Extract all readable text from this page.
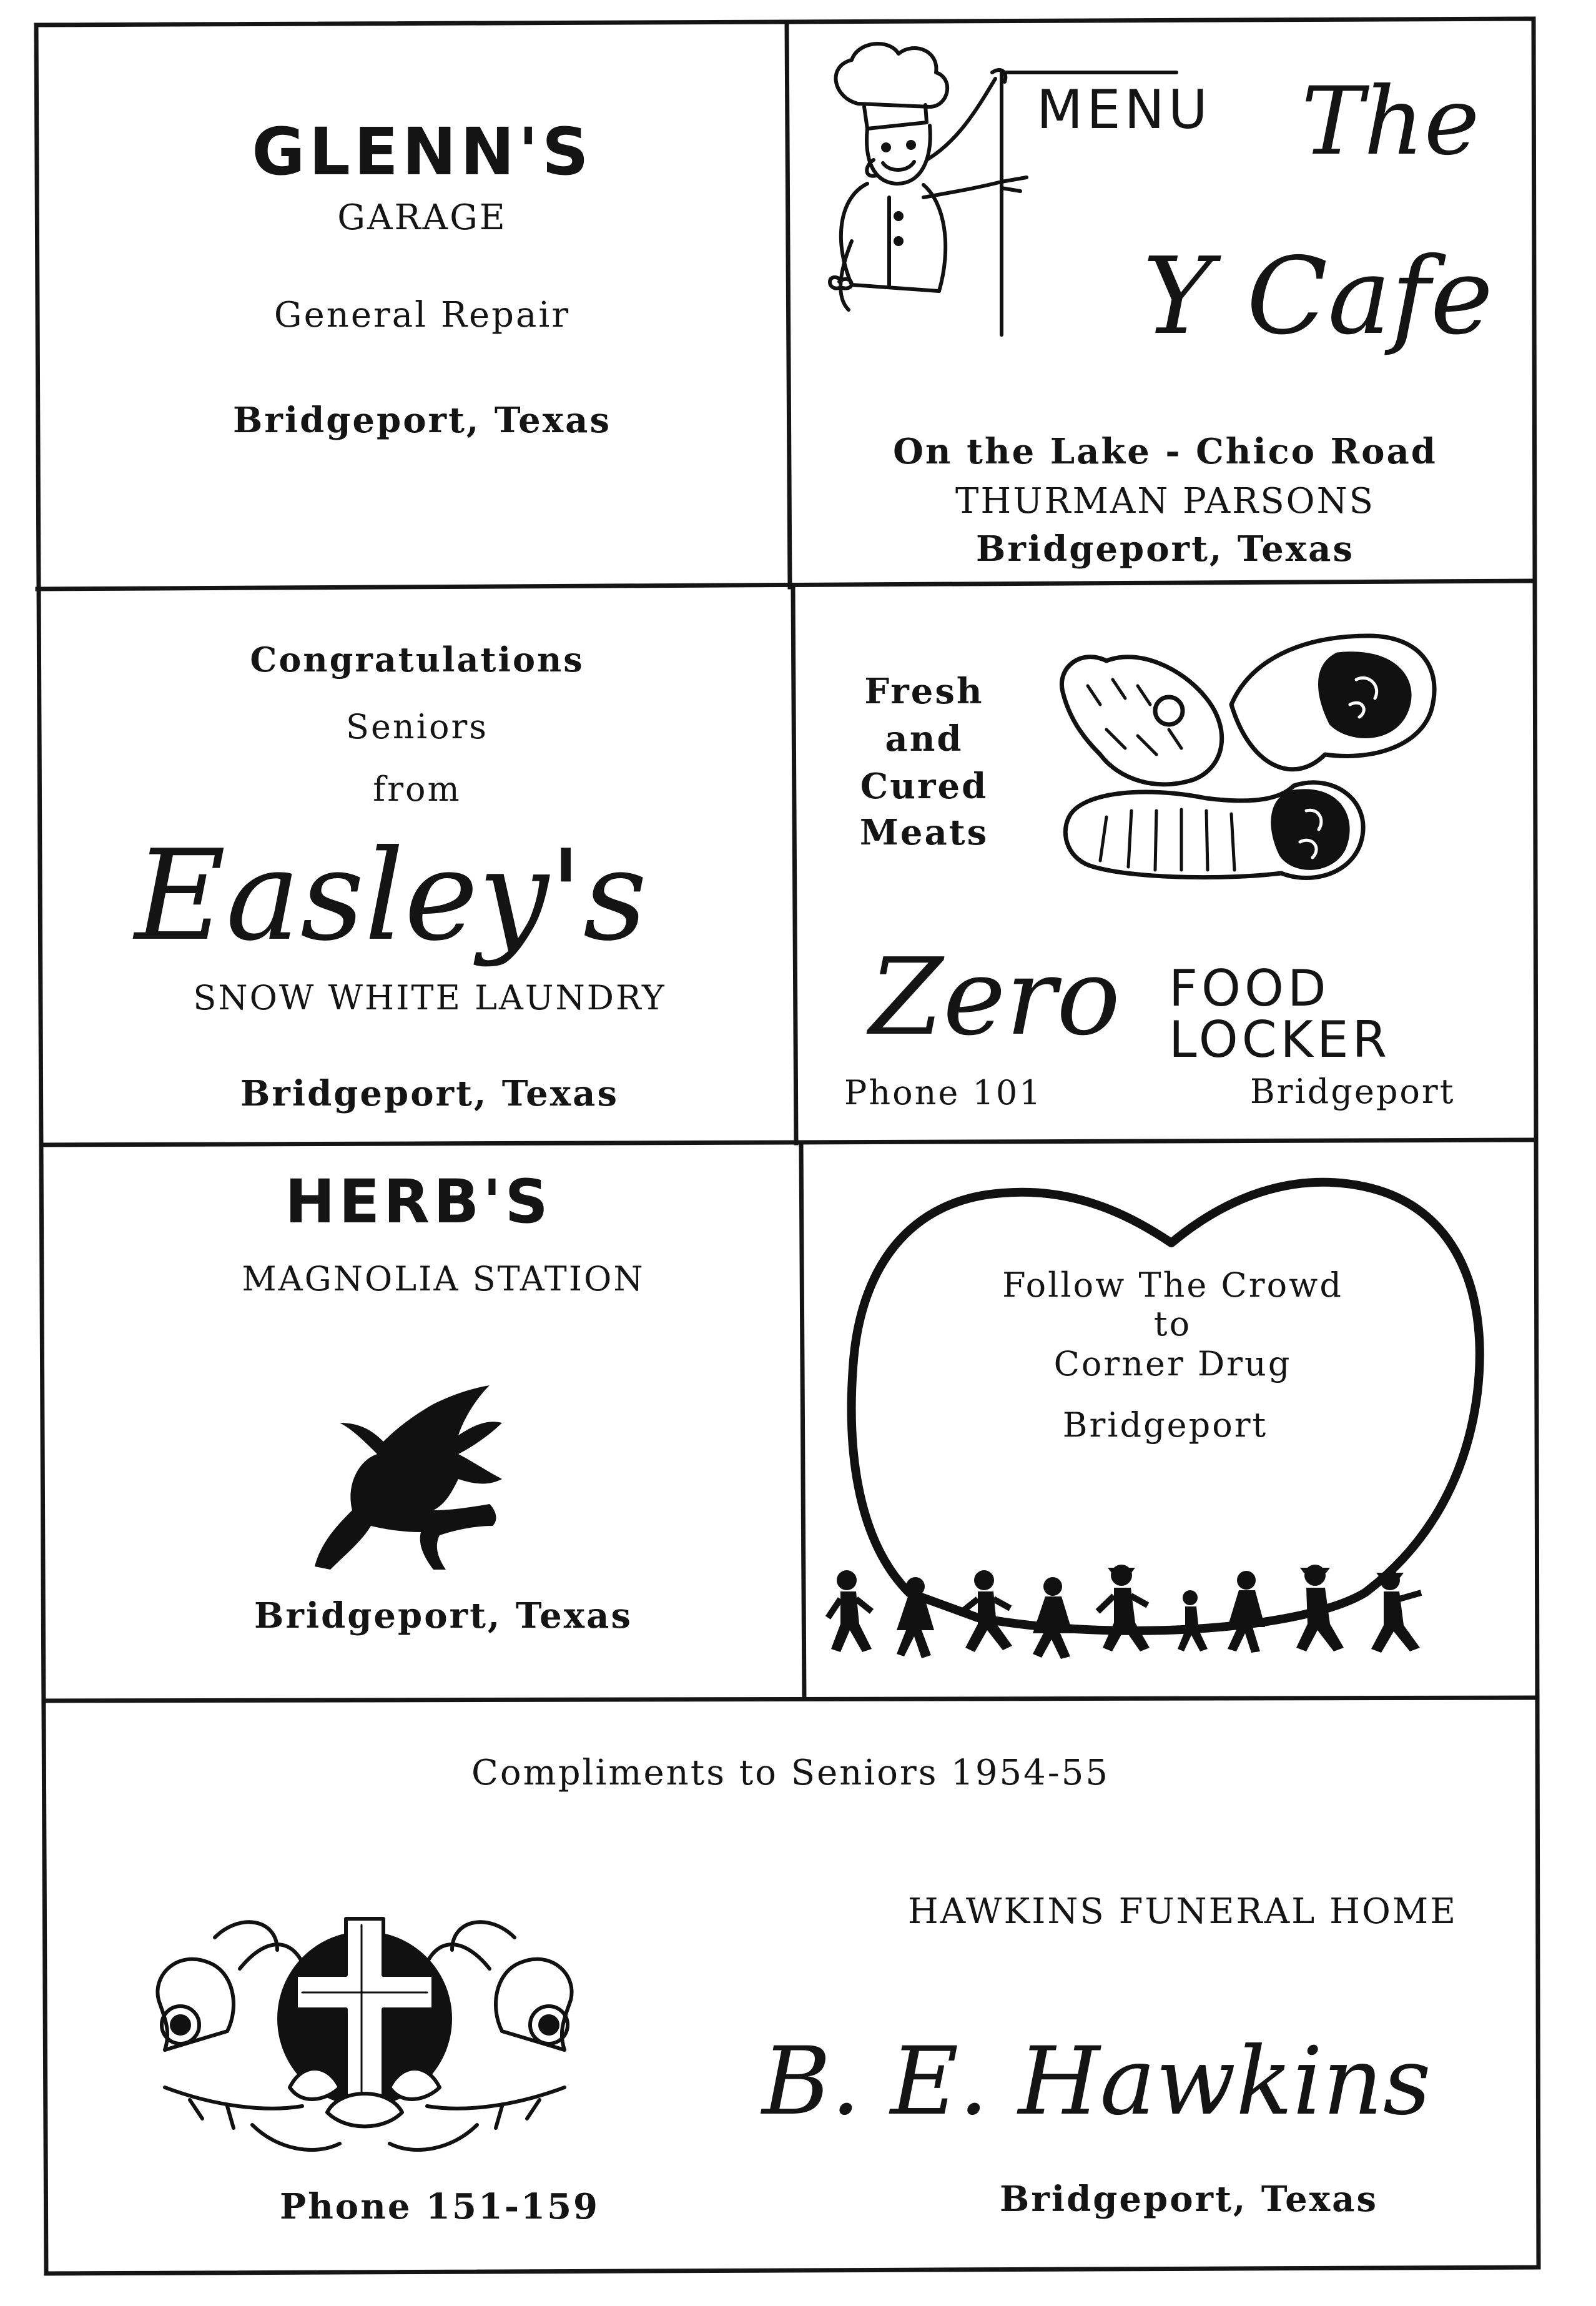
GLENN'S
GARAGE
General Repair
Bridgeport, Texas
MENU The
Y Cafe
On the Lake - Chico Road
THURMAN PARSONS
Bridgeport, Texas
Congratulations
Seniors
from
Easley's
SNOW WHITE LAUNDRY
Bridgeport, Texas
Fresh
and
Cured
Meats
Zero FOOD
LOCKER
Phone 101	Bridgeport
HERB'S
MAGNOLIA STATION
Bridgeport, Texas
Follow The Crowd
to
Corner Drug
Bridgeport
Compliments to Seniors 1954-55
HAWKINS FUNERAL HOME
B. E. Hawkins
Phone 151-159	Bridgeport, Texas
